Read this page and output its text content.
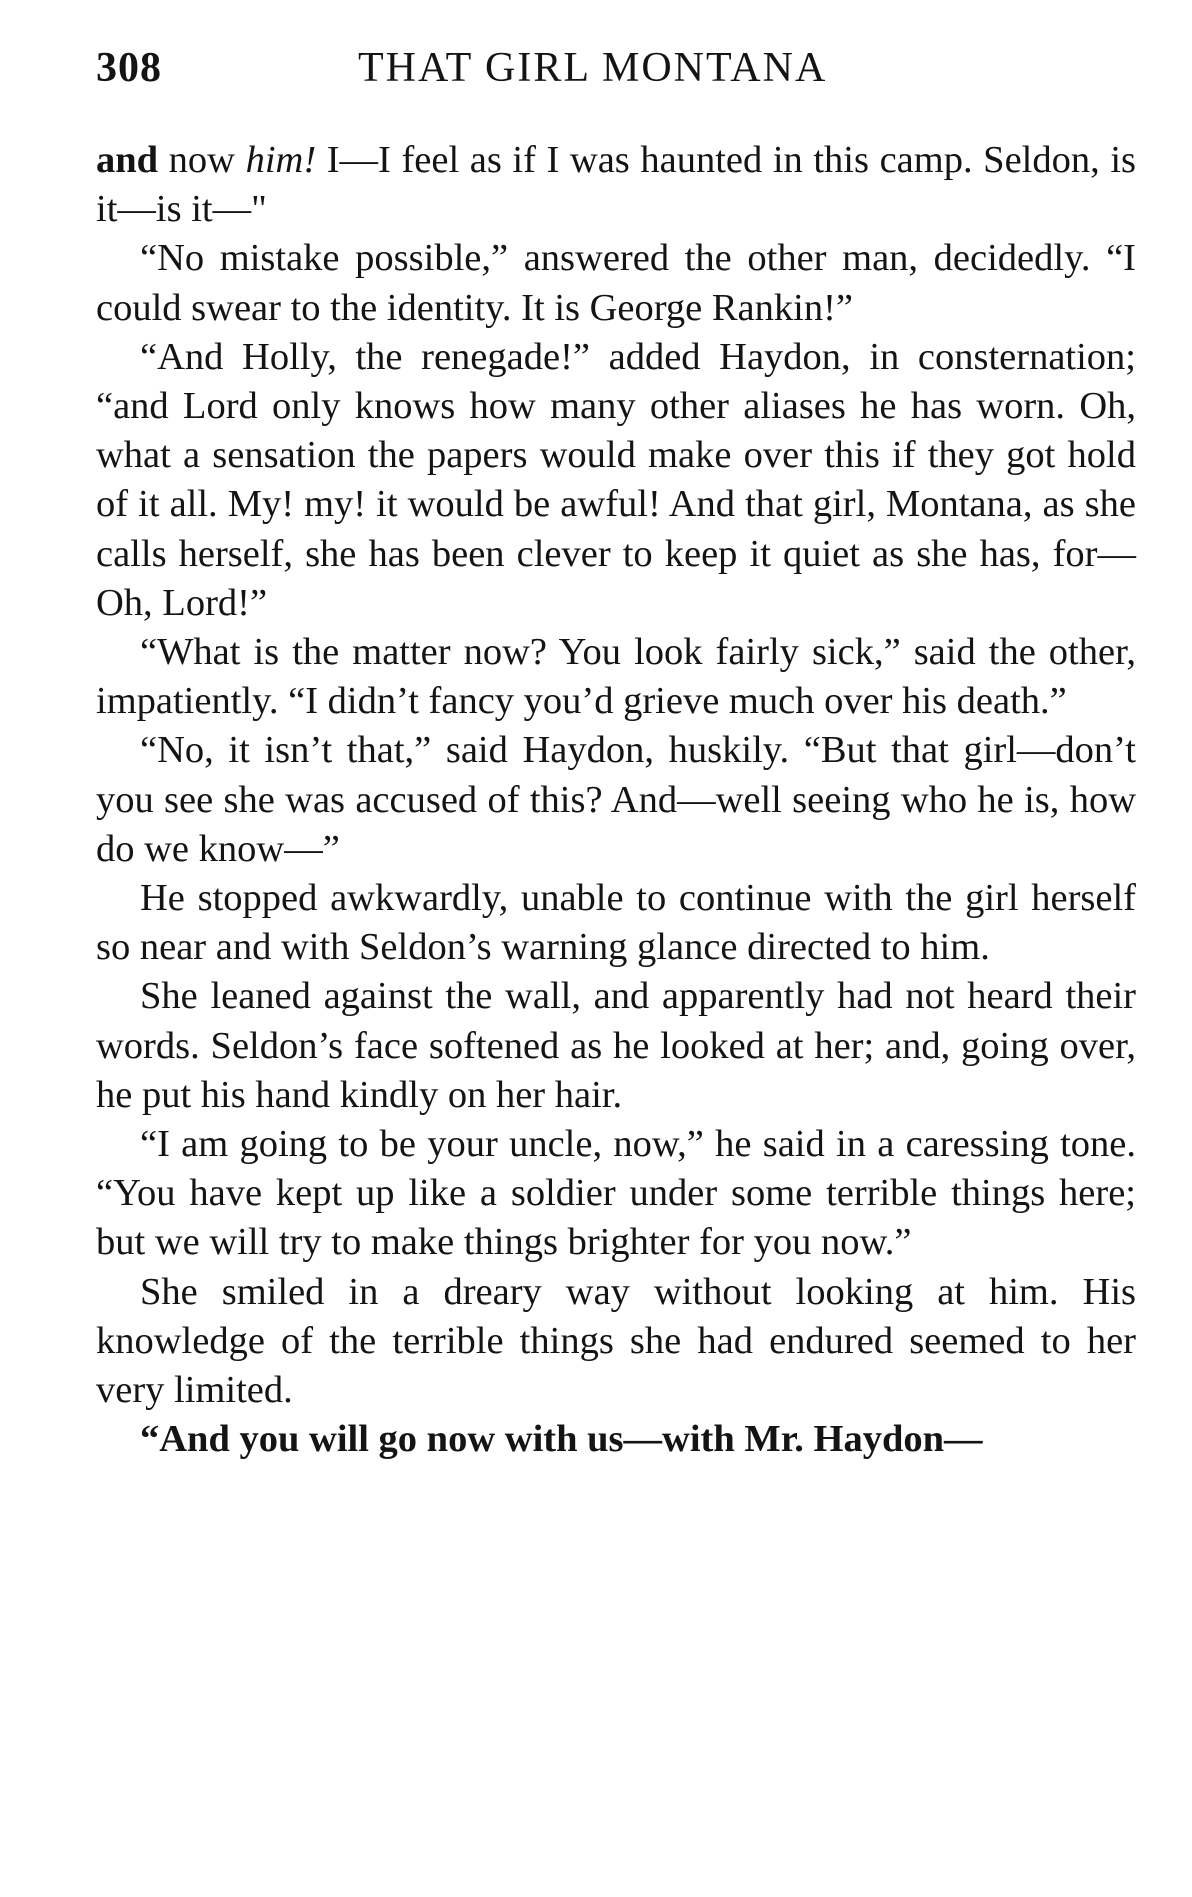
308	THAT GIRL MONTANA

and now him! I—I feel as if I was haunted in this camp. Seldon, is it—is it—"

“No mistake possible,” answered the other man, decidedly. “I could swear to the identity. It is George Rankin!”

“And Holly, the renegade!” added Haydon, in consternation; “and Lord only knows how many other aliases he has worn. Oh, what a sensation the papers would make over this if they got hold of it all. My! my! it would be awful! And that girl, Montana, as she calls herself, she has been clever to keep it quiet as she has, for—Oh, Lord!”

“What is the matter now? You look fairly sick,” said the other, impatiently. “I didn’t fancy you’d grieve much over his death.”

“No, it isn’t that,” said Haydon, huskily. “But that girl—don’t you see she was accused of this? And—well seeing who he is, how do we know—”

He stopped awkwardly, unable to continue with the girl herself so near and with Seldon’s warning glance directed to him.

She leaned against the wall, and apparently had not heard their words. Seldon’s face softened as he looked at her; and, going over, he put his hand kindly on her hair.

“I am going to be your uncle, now,” he said in a caressing tone. “You have kept up like a soldier under some terrible things here; but we will try to make things brighter for you now.”

She smiled in a dreary way without looking at him. His knowledge of the terrible things she had endured seemed to her very limited.

“And you will go now with us—with Mr. Haydon—
